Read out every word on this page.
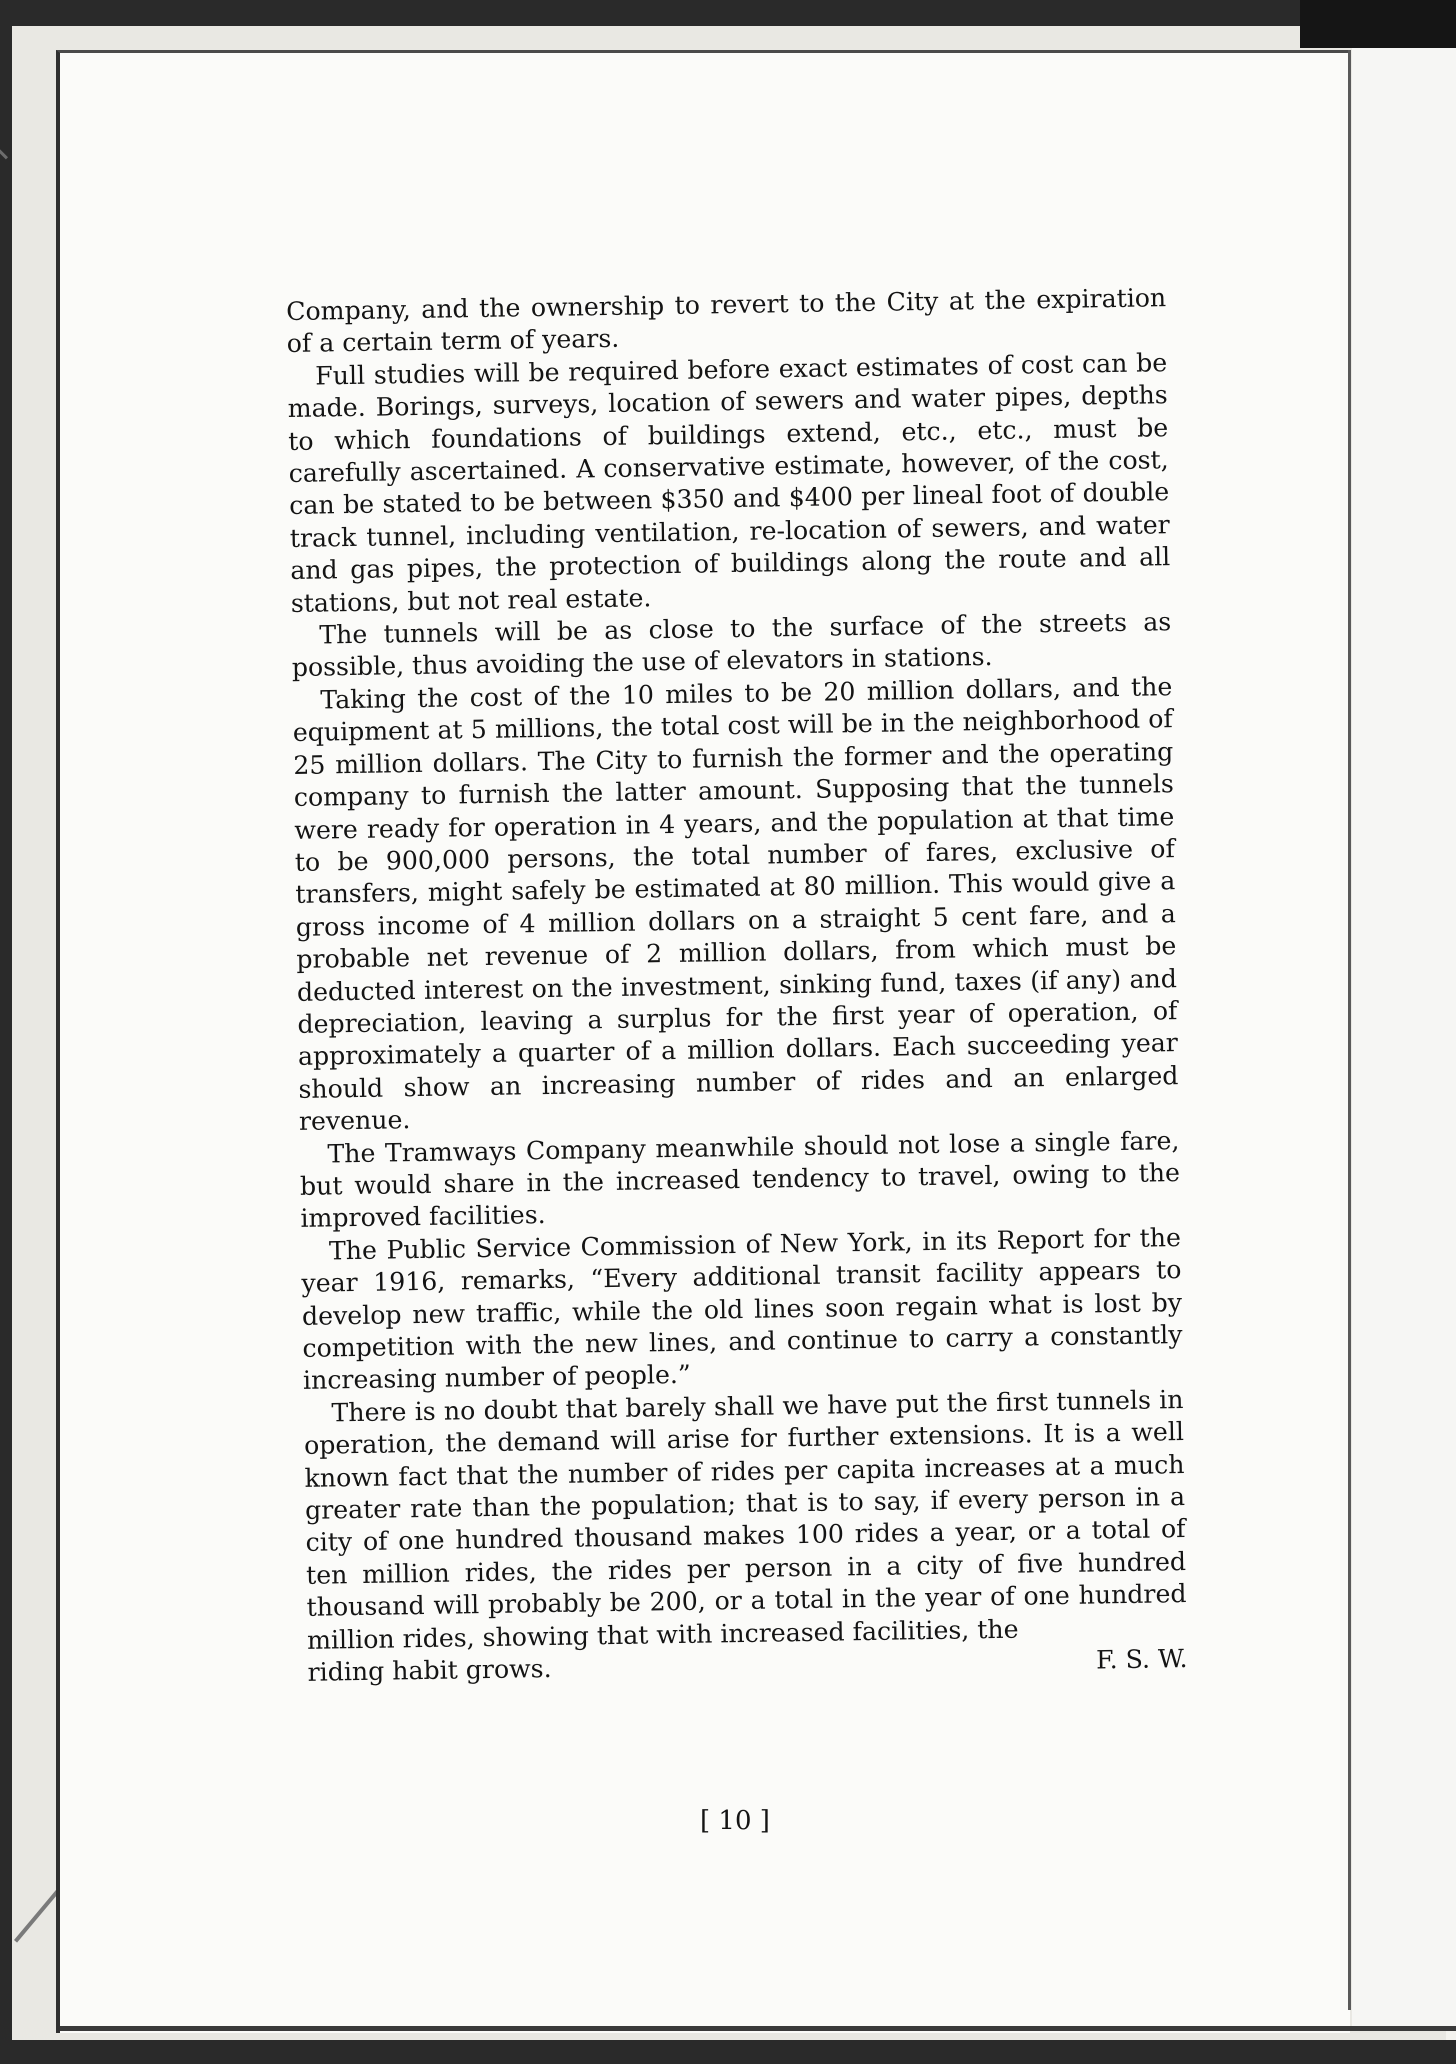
Company, and the ownership to revert to the City at the expiration of a certain term of years.

Full studies will be required before exact estimates of cost can be made. Borings, surveys, location of sewers and water pipes, depths to which foundations of buildings extend, etc., etc., must be carefully ascertained. A conservative estimate, however, of the cost, can be stated to be between $350 and $400 per lineal foot of double track tunnel, including ventilation, re-location of sewers, and water and gas pipes, the protection of buildings along the route and all stations, but not real estate.

The tunnels will be as close to the surface of the streets as possible, thus avoiding the use of elevators in stations.

Taking the cost of the 10 miles to be 20 million dollars, and the equipment at 5 millions, the total cost will be in the neighborhood of 25 million dollars. The City to furnish the former and the operating company to furnish the latter amount. Supposing that the tunnels were ready for operation in 4 years, and the population at that time to be 900,000 persons, the total number of fares, exclusive of transfers, might safely be estimated at 80 million. This would give a gross income of 4 million dollars on a straight 5 cent fare, and a probable net revenue of 2 million dollars, from which must be deducted interest on the investment, sinking fund, taxes (if any) and depreciation, leaving a surplus for the first year of operation, of approximately a quarter of a million dollars. Each succeeding year should show an increasing number of rides and an enlarged revenue.

The Tramways Company meanwhile should not lose a single fare, but would share in the increased tendency to travel, owing to the improved facilities.

The Public Service Commission of New York, in its Report for the year 1916, remarks, “Every additional transit facility appears to develop new traffic, while the old lines soon regain what is lost by competition with the new lines, and continue to carry a constantly increasing number of people.”

There is no doubt that barely shall we have put the first tunnels in operation, the demand will arise for further extensions. It is a well known fact that the number of rides per capita increases at a much greater rate than the population; that is to say, if every person in a city of one hundred thousand makes 100 rides a year, or a total of ten million rides, the rides per person in a city of five hundred thousand will probably be 200, or a total in the year of one hundred million rides, showing that with increased facilities, the

riding habit grows.	F. S. W.
[ 10 ]
